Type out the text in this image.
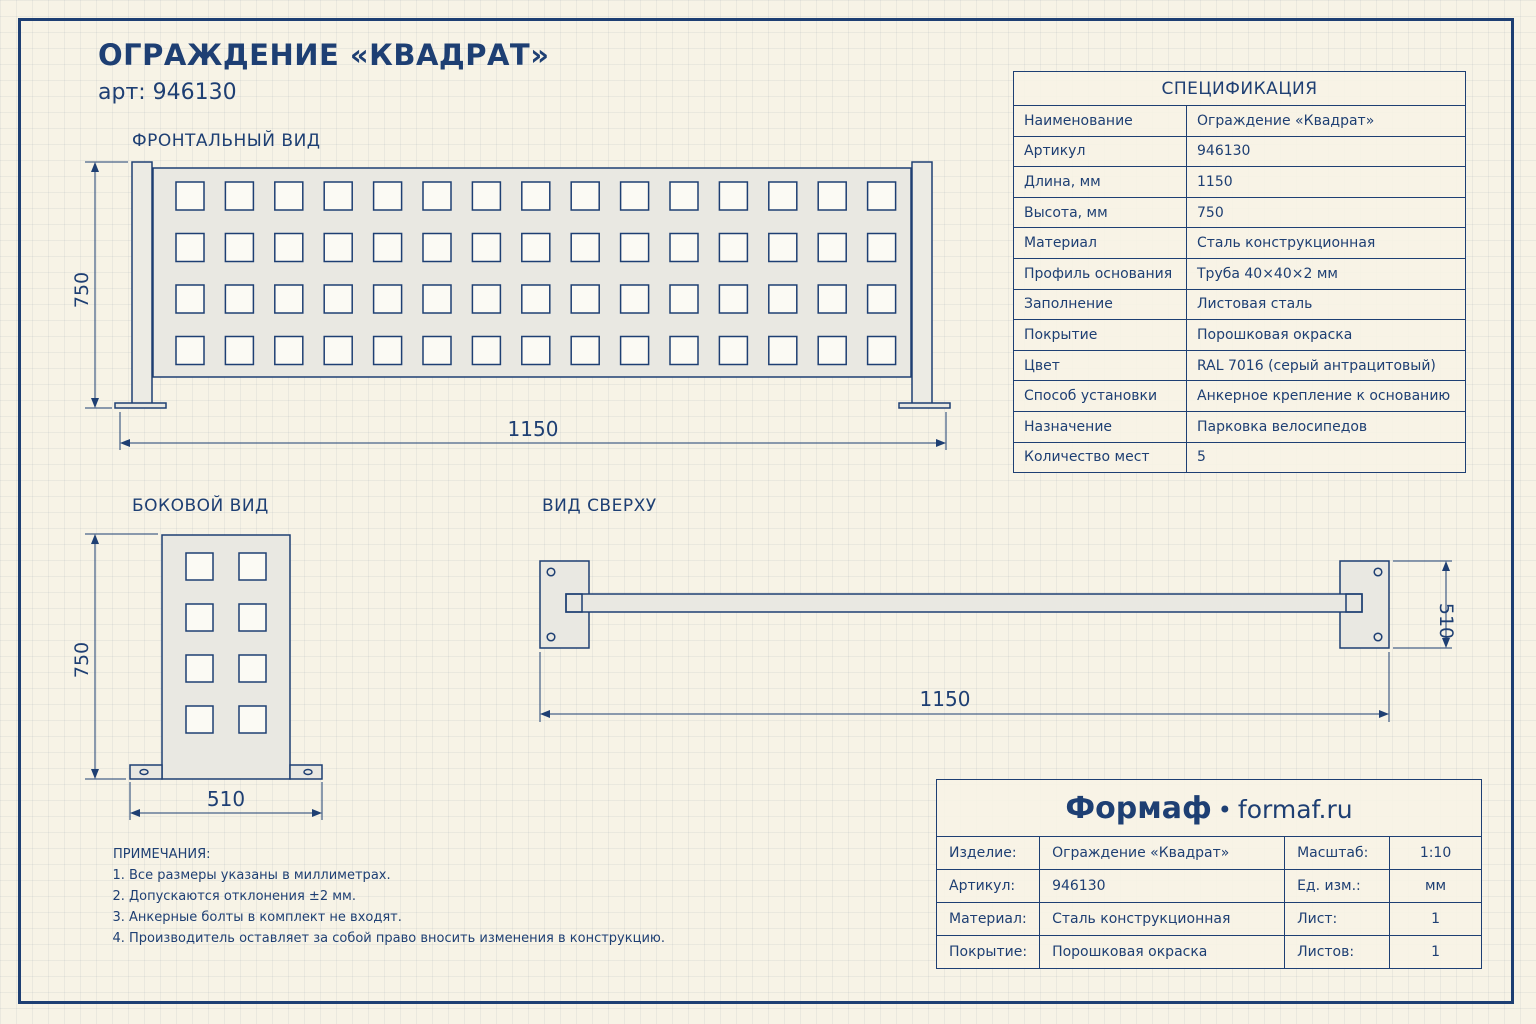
ОГРАЖДЕНИЕ «КВАДРАТ»
арт: 946130
ФРОНТАЛЬНЫЙ ВИД
БОКОВОЙ ВИД	ВИД СВЕРХУ
750
1150
750
510
1150
510
СПЕЦИФИКАЦИЯ	
Наименование	Ограждение «Квадрат»
Артикул	946130
Длина, мм	1150
Высота, мм	750
Материал	Сталь конструкционная
Профиль основания	Труба 40×40×2 мм
Заполнение	Листовая сталь
Покрытие	Порошковая окраска
Цвет	RAL 7016 (серый антрацитовый)
Способ установки	Анкерное крепление к основанию
Назначение	Парковка велосипедов
Количество мест	5
ПРИМЕЧАНИЯ:
1. Все размеры указаны в миллиметрах.
2. Допускаются отклонения ±2 мм.
3. Анкерные болты в комплект не входят.
4. Производитель оставляет за собой право вносить изменения в конструкцию.
Формаф • formaf.ru			
Изделие:	Ограждение «Квадрат»	Масштаб:	1:10
Артикул:	946130	Ед. изм.:	мм
Материал:	Сталь конструкционная	Лист:	1
Покрытие:	Порошковая окраска	Листов:	1
